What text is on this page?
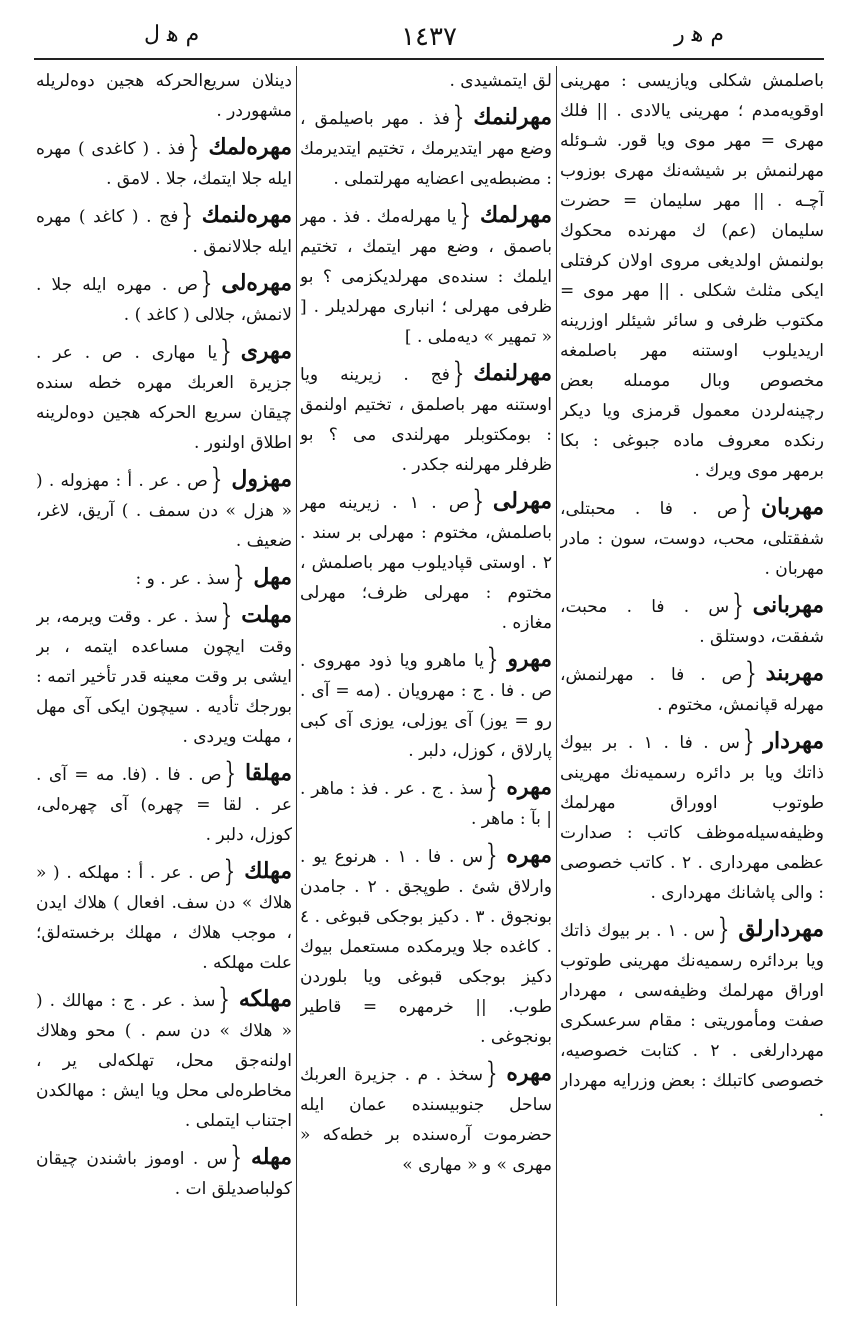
م ﻫ ر
١٤٣٧
م ﻫ ل
باصلمش شكلى ويازيسى : مهرينى اوقويه‌مدم ؛ مهرينى يالادى . || فلك مهرى = مهر موى ويا قور. شـوئله مهرلنمش بر شيشه‌نك مهرى بوزوب آچـه . || مهر سليمان = حضرت سليمان (عم) ك مهرنده محكوك بولنمش اولديغى مروى اولان كرفتلى ايكى مثلث شكلى . || مهر موى = مكتوب ظرفى و سائر شيئلر اوزرينه اريديلوب اوستنه مهر باصلمغه مخصوص وبال مومىله بعض رچينه‌لردن معمول قرمزى ويا ديكر رنكده معروف ماده جبوغى : بكا برمهر موى ويرك .
مهربان{ص . فا . محبتلى، شفقتلى، محب، دوست، سون : مادر مهربان .
مهربانى{س . فا . محبت، شفقت، دوستلق .
مهربند{ص . فا . مهرلنمش، مهرله قپانمش، مختوم .
مهردار{س . فا . ١ . بر بيوك ذاتك ويا بر دائره رسميه‌نك مهرينى طوتوب اووراق مهرلمك وظيفه‌سيله‌موظف كاتب : صدارت عظمى مهردارى . ٢ . كاتب خصوصى : والى پاشانك مهردارى .
مهردارلق{س . ١ . بر بيوك ذاتك ويا بردائره رسميه‌نك مهرينى طوتوب اوراق مهرلمك وظيفه‌سى ، مهردار صفت ومأموريتى : مقام سرعسكرى مهردارلغى . ٢ . كتابت خصوصيه، خصوصى كاتبلك : بعض وزرايه مهردار .
لق ايتمشيدى .
مهرلنمك{فذ . مهر باصيلمق ، وضع مهر ايتديرمك ، تختيم ايتديرمك : مضبطه‌يى اعضايه مهرلتملى .
مهرلمك{يا مهرله‌مك . فذ . مهر باصمق ، وضع مهر ايتمك ، تختيم ايلمك : سنده‌ى مهرلديكزمى ؟ بو ظرفى مهرلى ؛ انبارى مهرلديلر . [ « تمهير » ديه‌ملى . ]
مهرلنمك{فج . زيرينه ويا اوستنه مهر باصلمق ، تختيم اولنمق : بومكتوبلر مهرلندى مى ؟ بو ظرفلر مهرلنه جكدر .
مهرلى{ص . ١ . زيرينه مهر باصلمش، مختوم : مهرلى بر سند . ٢ . اوستى قپاديلوب مهر باصلمش ، مختوم : مهرلى ظرف؛ مهرلى مغازه .
مهرو{يا ماهرو ويا ذود مهروى . ص . فا . ج : مهرويان . (مه = آى . رو = يوز) آى يوزلى، يوزى آى كبى پارلاق ، كوزل، دلبر .
مهره{سذ . ج . عر . فذ : ماهر . | بآ : ماهر .
مهره{س . فا . ١ . هرنوع يو . وارلاق شئ . طوپجق . ٢ . جامدن بونجوق . ٣ . دكيز بوجكى قبوغى . ٤ . كاغده جلا ويرمكده مستعمل بيوك دكيز بوجكى قبوغى ويا بلوردن طوب. || خرمهره = قاطير بونجوغى .
مهره{سخذ . م . جزيرة العربك ساحل جنوبيسنده عمان ايله حضرموت آره‌سنده بر خطه‌كه « مهرى » و « مهارى »
دينلان سريع‌الحركه هجين دوه‌لريله مشهوردر .
مهره‌لمك{فذ . ( كاغدى ) مهره ايله جلا ايتمك، جلا . لامق .
مهره‌لنمك{فج . ( كاغد ) مهره ايله جلالانمق .
مهره‌لى{ص . مهره ايله جلا . لانمش، جلالى ( كاغد ) .
مهرى{يا مهارى . ص . عر . جزيرة العربك مهره خطه سنده چيقان سريع الحركه هجين دوه‌لرينه اطلاق اولنور .
مهزول{ص . عر . أ : مهزوله . ( « هزل » دن سمف . ) آريق، لاغر، ضعيف .
مهل{سذ . عر . و :
مهلت{سذ . عر . وقت ويرمه، بر وقت ايچون مساعده ايتمه ، بر ايشى بر وقت معينه قدر تأخير اتمه : بورجك تأديه . سيچون ايكى آى مهل ، مهلت ويردى .
مهلقا{ص . فا . (فا. مه = آى . عر . لقا = چهره) آى چهره‌لى، كوزل، دلبر .
مهلك{ص . عر . أ : مهلكه . ( « هلاك » دن سف. افعال ) هلاك ايدن ، موجب هلاك ، مهلك برخسته‌لق؛ علت مهلكه .
مهلكه{سذ . عر . ج : مهالك . ( « هلاك » دن سم . ) محو وهلاك اولنه‌جق محل، تهلكه‌لى ير ، مخاطره‌لى محل ويا ايش : مهالكدن اجتناب ايتملى .
مهله{س . اوموز باشندن چيقان كولباصديلق ات .
